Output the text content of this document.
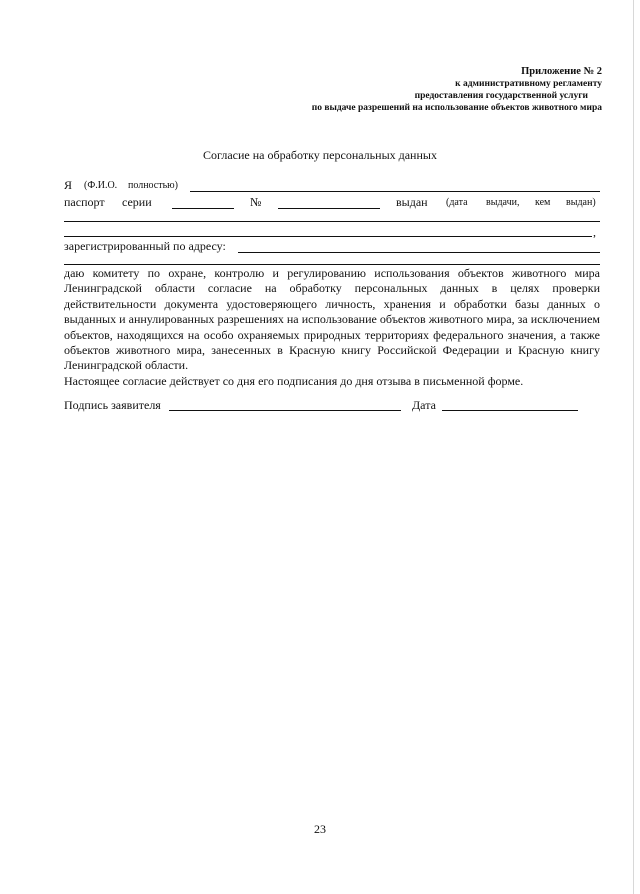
Приложение № 2
к административному регламенту
предоставления государственной услуги
по выдаче разрешений на использование объектов животного мира
Согласие на обработку персональных данных
Я (Ф.И.О. полностью)
паспорт серии	№	выдан (дата выдачи, кем выдан)
,
зарегистрированный по адресу:

даю комитету по охране, контролю и регулированию использования объектов животного мира Ленинградской области согласие на обработку персональных данных в целях проверки действительности документа удостоверяющего личность, хранения и обработки базы данных о выданных и аннулированных разрешениях на использование объектов животного мира, за исключением объектов, находящихся на особо охраняемых природных территориях федерального значения, а также объектов животного мира, занесенных в Красную книгу Российской Федерации и Красную книгу Ленинградской области.

Настоящее согласие действует со дня его подписания до дня отзыва в письменной форме.

Подпись заявителя	Дата
23
